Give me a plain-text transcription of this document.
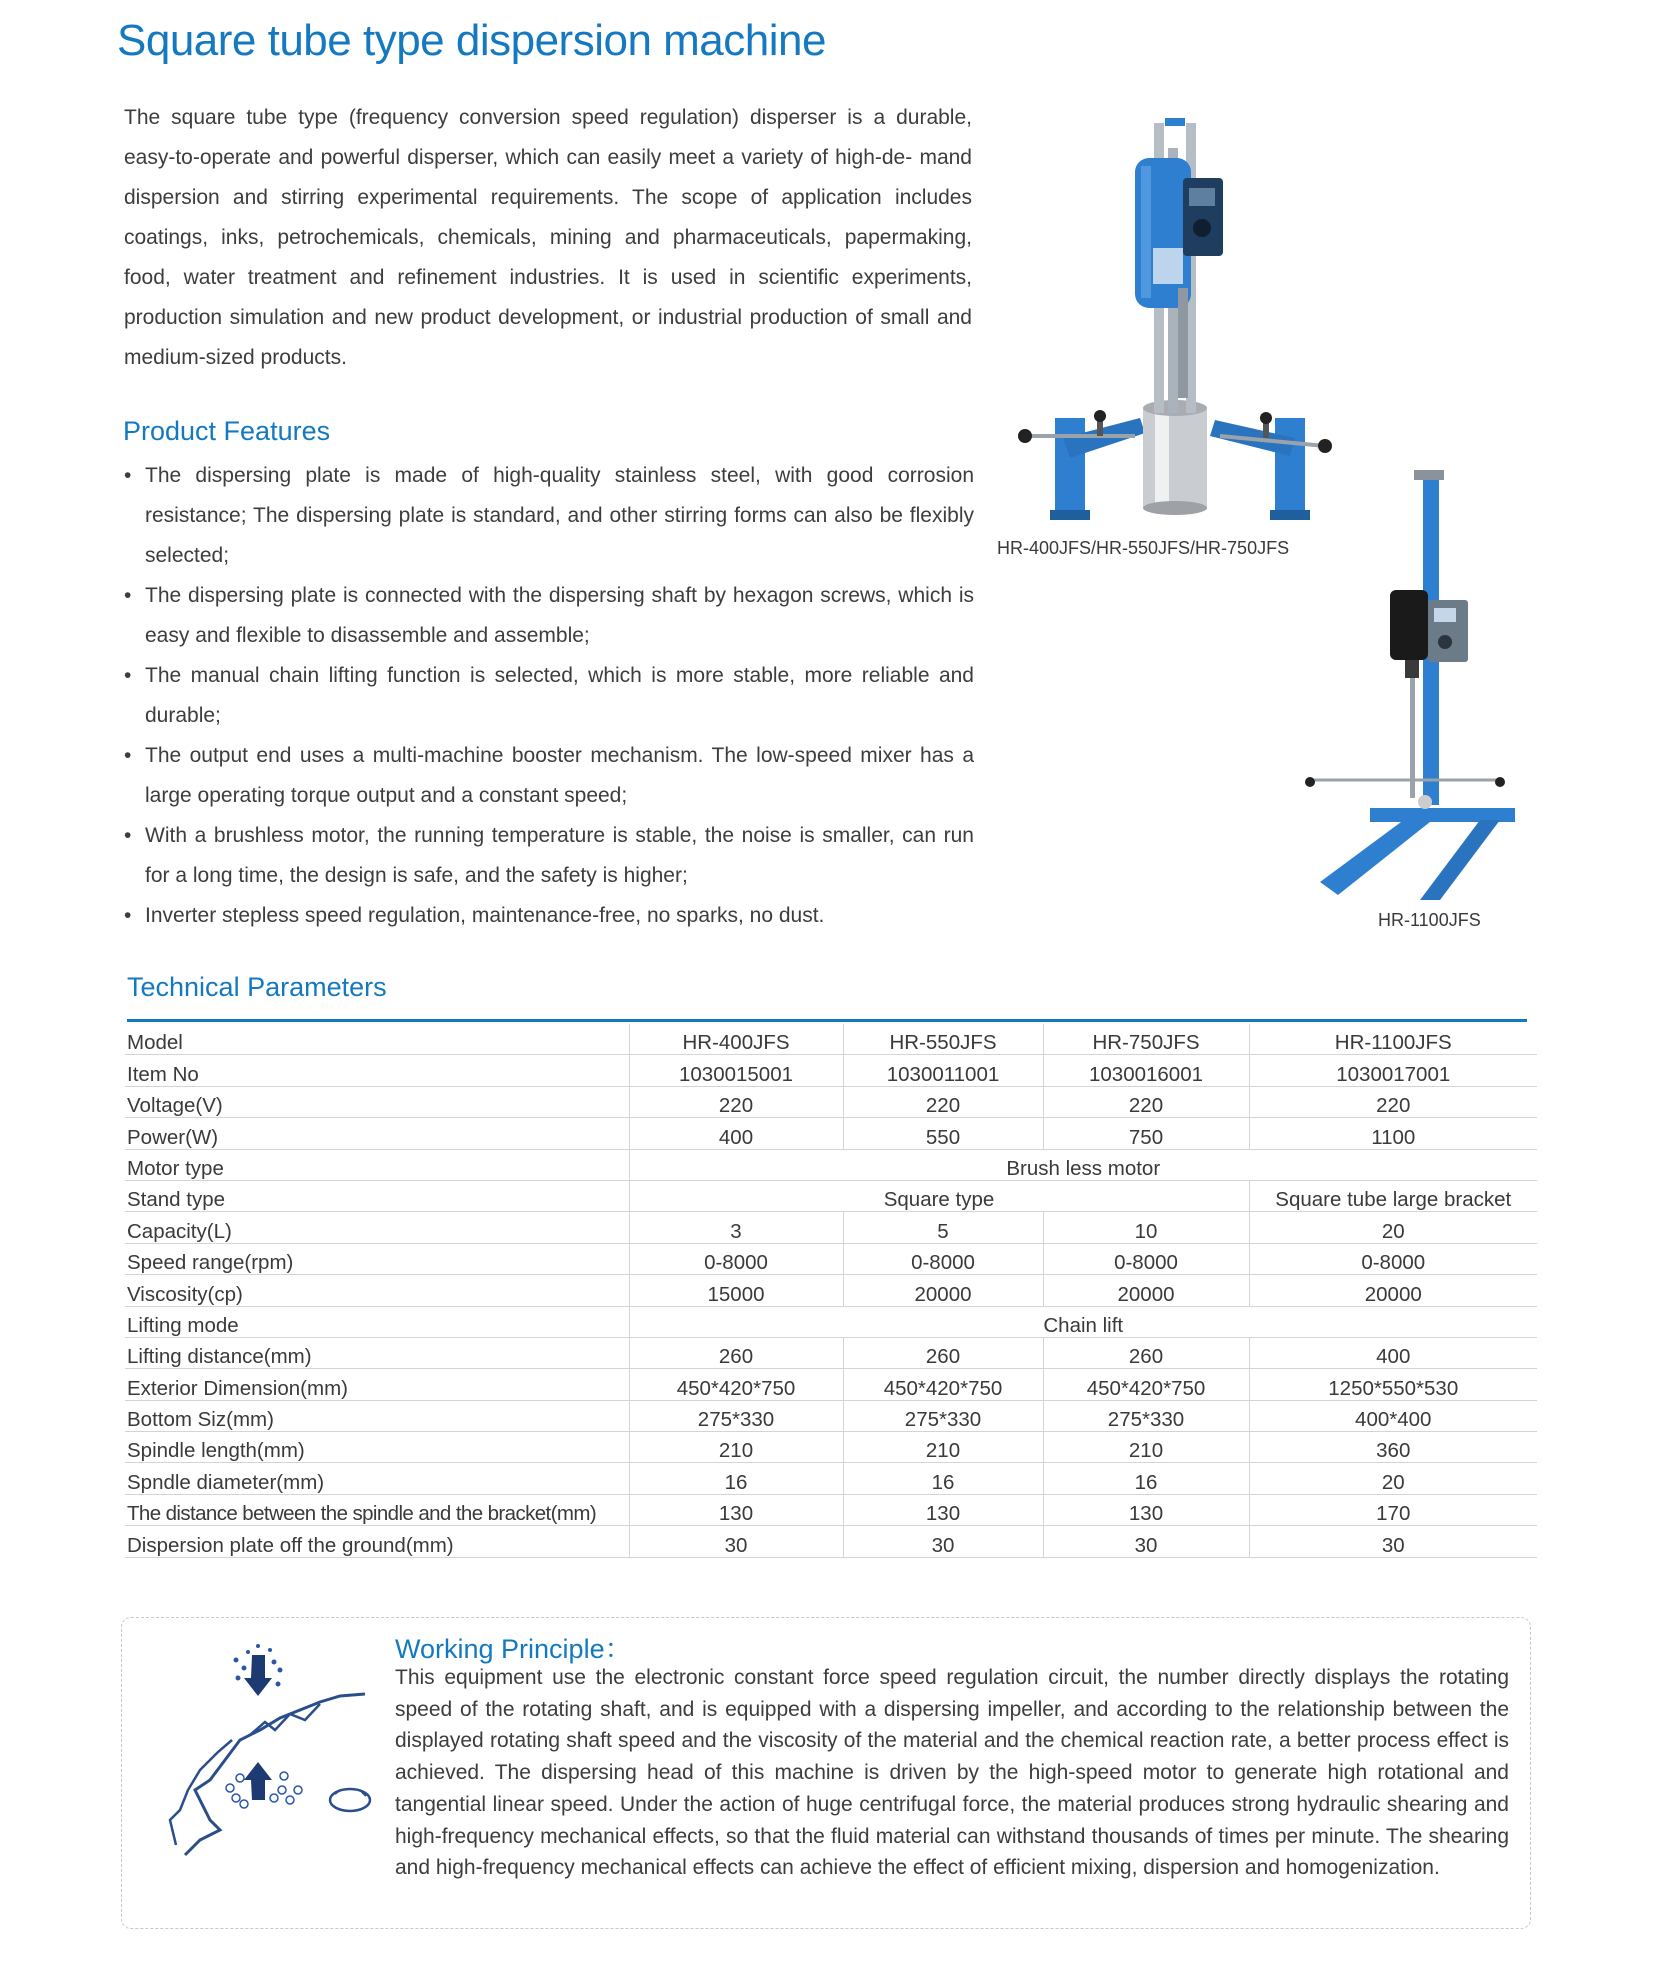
Square tube type dispersion machine

The square tube type (frequency conversion speed regulation) disperser is a durable, easy-to-operate and powerful disperser, which can easily meet a variety of high-de- mand dispersion and stirring experimental requirements. The scope of application includes coatings, inks, petrochemicals, chemicals, mining and pharmaceuticals, papermaking, food, water treatment and refinement industries. It is used in scientific experiments, production simulation and new product development, or industrial production of small and medium-sized products.

HR-400JFS/HR-550JFS/HR-750JFS
HR-1100JFS
Product Features
• The dispersing plate is made of high-quality stainless steel, with good corrosion resistance; The dispersing plate is standard, and other stirring forms can also be flexibly selected;
• The dispersing plate is connected with the dispersing shaft by hexagon screws, which is easy and flexible to disassemble and assemble;
• The manual chain lifting function is selected, which is more stable, more reliable and durable;
• The output end uses a multi-machine booster mechanism. The low-speed mixer has a large operating torque output and a constant speed;
• With a brushless motor, the running temperature is stable, the noise is smaller, can run for a long time, the design is safe, and the safety is higher;
• Inverter stepless speed regulation, maintenance-free, no sparks, no dust.
Technical Parameters
Model	HR-400JFS	HR-550JFS	HR-750JFS	HR-1100JFS
Item No	1030015001	1030011001	1030016001	1030017001
Voltage(V)	220	220	220	220
Power(W)	400	550	750	1100
Motor type	Brush less motor			
Stand type	Square type			Square tube large bracket
Capacity(L)	3	5	10	20
Speed range(rpm)	0-8000	0-8000	0-8000	0-8000
Viscosity(cp)	15000	20000	20000	20000
Lifting mode	Chain lift			
Lifting distance(mm)	260	260	260	400
Exterior Dimension(mm)	450*420*750	450*420*750	450*420*750	1250*550*530
Bottom Siz(mm)	275*330	275*330	275*330	400*400
Spindle length(mm)	210	210	210	360
Spndle diameter(mm)	16	16	16	20
The distance between the spindle and the bracket(mm)	130	130	130	170
Dispersion plate off the ground(mm)	30	30	30	30
Working Principle：

This equipment use the electronic constant force speed regulation circuit, the number directly displays the rotating speed of the rotating shaft, and is equipped with a dispersing impeller, and according to the relationship between the displayed rotating shaft speed and the viscosity of the material and the chemical reaction rate, a better process effect is achieved. The dispersing head of this machine is driven by the high-speed motor to generate high rotational and tangential linear speed. Under the action of huge centrifugal force, the material produces strong hydraulic shearing and high-frequency mechanical effects, so that the fluid material can withstand thousands of times per minute. The shearing and high-frequency mechanical effects can achieve the effect of efficient mixing, dispersion and homogenization.
